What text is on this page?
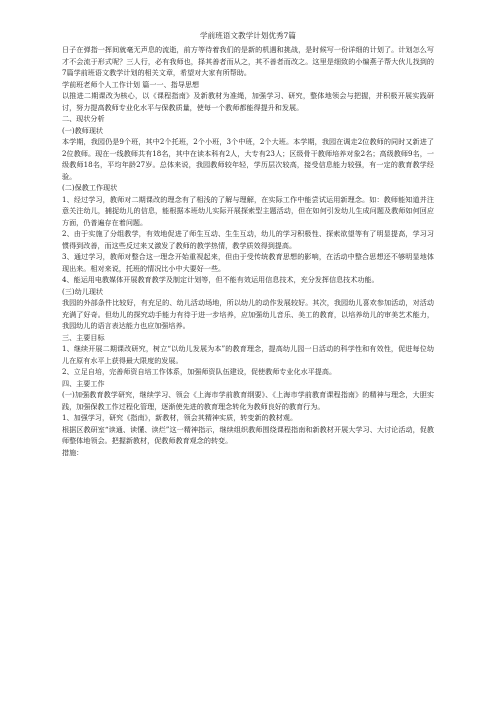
学前班语文教学计划优秀7篇
日子在弹指一挥间就毫无声息的流逝，前方等待着我们的是新的机遇和挑战，是时候写一份详细的计划了。计划怎么写才不会流于形式呢？三人行，必有我师也，择其善者而从之，其不善者而改之。这里是细致的小编燕子帮大伙儿找到的7篇学前班语文教学计划的相关文章，希望对大家有所帮助。
学前班老师个人工作计划 篇一一、指导思想
以推进二期课改为核心，以《课程指南》及新教材为准绳，加强学习、研究，整体地领会与把握，并积极开展实践研讨，努力提高教师专业化水平与保教质量，使每一个教师都能得提升和发展。
二、现状分析
(一)教师现状
本学期，我园仍是9个班，其中2个托班，2个小班，3个中班，2个大班。本学期，我园在调走2位教师的同时又新进了2位教师。现在一线教师共有18名，其中在读本科有2人，大专有23人；区级骨干教师培养对象2名；高级教师9名，一级教师18名，平均年龄27岁。总体来说，我园教师较年轻，学历层次较高，接受信息能力较强，有一定的教育教学经验。
(二)保教工作现状
1、经过学习，教师对二期课改的理念有了相浅的了解与理解，在实际工作中能尝试运用新理念。如：教师能知道并注意关注幼儿，捕捉幼儿的信息，能根据本班幼儿实际开展探索型主题活动，但在如何引发幼儿生成问题及教师如何回应方面，仍普遍存在着问题。
2、由于实施了分组教学，有效地促进了师生互动、生生互动，幼儿的学习积极性、探索欲望等有了明显提高，学习习惯得到改善，而这些反过来又激发了教师的教学热情，教学质效得到提高。
3、通过学习，教师对整合这一理念开始重视起来，但由于受传统教育思想的影响，在活动中整合思想还不够明显地体现出来。相对来说，托班的情况比小中大要好一些。
4、能运用电教媒体开展教育教学及制定计划等，但不能有效运用信息技术，充分发挥信息技术功能。
(三)幼儿现状
我园的外部条件比较好，有充足的、幼儿活动场地，所以幼儿的动作发展较好。其次，我园幼儿喜欢参加活动，对活动充满了好奇。但幼儿的探究动手能力有待于进一步培养，应加强幼儿音乐、美工的教育，以培养幼儿的审美艺术能力，我园幼儿的语言表达能力也应加强培养。
三、主要目标
1、继续开展二期课改研究，树立“以幼儿发展为本”的教育理念，提高幼儿园一日活动的科学性和有效性，促进每位幼儿在原有水平上获得最大限度的发展。
2、立足自培，完善师资自培工作体系，加强师资队伍建设，促使教师专业化水平提高。
四、主要工作
(一)加强教育教学研究，继续学习、领会《上海市学前教育纲要》、《上海市学前教育课程指南》的精神与理念，大胆实践，加强保教工作过程化管理，逐渐使先进的教育理念转化为教师良好的教育行为。
1、加强学习，研究《指南》，新教材，领会其精神实质，转变新的教材观。
根据区教研室“读通、读懂、读烂”这一精神指示，继续组织教师围绕课程指南和新教材开展大学习、大讨论活动，促教师整体地领会。把握新教材，促教师教育观念的转变。
措施：
